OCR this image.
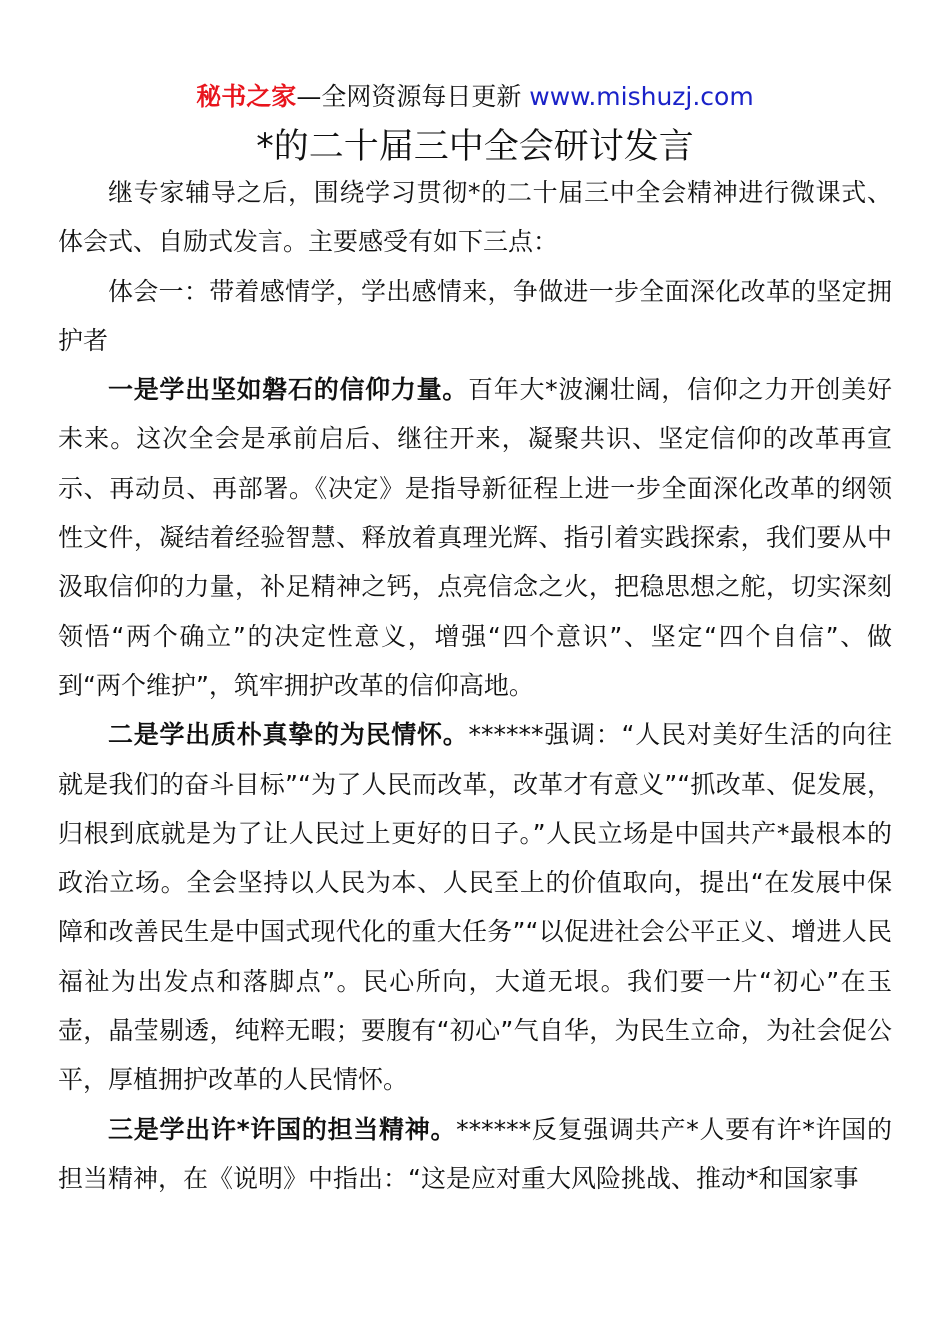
秘书之家—全网资源每日更新 www.mishuzj.com
*的二十届三中全会研讨发言

继专家辅导之后，围绕学习贯彻*的二十届三中全会精神进行微课式、体会式、自励式发言。主要感受有如下三点：

体会一：带着感情学，学出感情来，争做进一步全面深化改革的坚定拥护者

一是学出坚如磐石的信仰力量。百年大*波澜壮阔，信仰之力开创美好未来。这次全会是承前启后、继往开来，凝聚共识、坚定信仰的改革再宣示、再动员、再部署。《决定》是指导新征程上进一步全面深化改革的纲领性文件，凝结着经验智慧、释放着真理光辉、指引着实践探索，我们要从中汲取信仰的力量，补足精神之钙，点亮信念之火，把稳思想之舵，切实深刻领悟“两个确立”的决定性意义，增强“四个意识”、坚定“四个自信”、做到“两个维护”，筑牢拥护改革的信仰高地。

二是学出质朴真挚的为民情怀。******强调：“人民对美好生活的向往就是我们的奋斗目标”“为了人民而改革，改革才有意义”“抓改革、促发展，归根到底就是为了让人民过上更好的日子。”人民立场是中国共产*最根本的政治立场。全会坚持以人民为本、人民至上的价值取向，提出“在发展中保障和改善民生是中国式现代化的重大任务”“以促进社会公平正义、增进人民福祉为出发点和落脚点”。民心所向，大道无垠。我们要一片“初心”在玉壶，晶莹剔透，纯粹无暇；要腹有“初心”气自华，为民生立命，为社会促公平，厚植拥护改革的人民情怀。

三是学出许*许国的担当精神。******反复强调共产*人要有许*许国的担当精神，在《说明》中指出：“这是应对重大风险挑战、推动*和国家事
